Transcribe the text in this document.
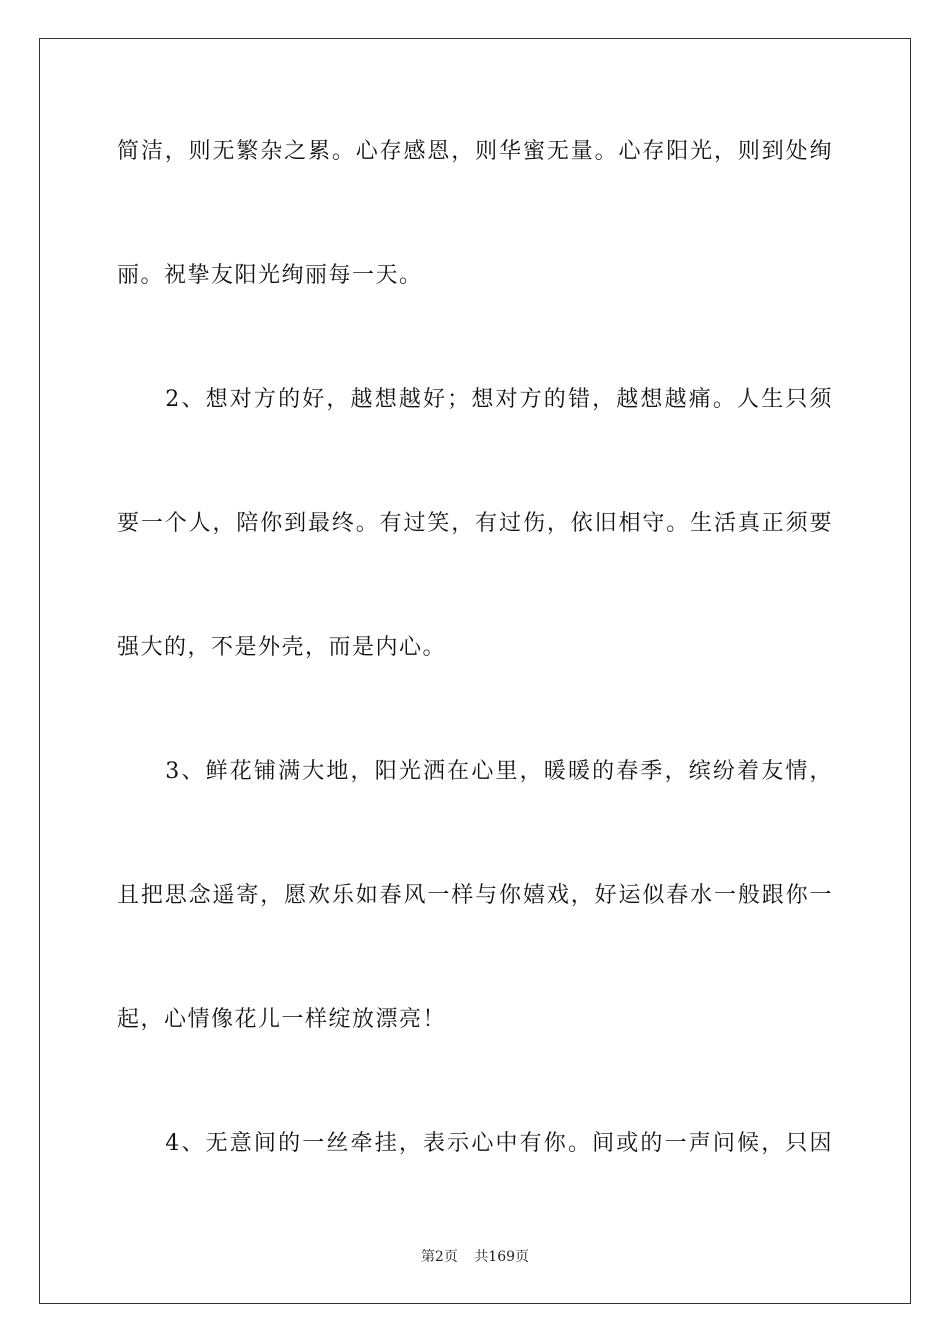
简洁，则无繁杂之累。心存感恩，则华蜜无量。心存阳光，则到处绚
丽。祝挚友阳光绚丽每一天。
　　2、想对方的好，越想越好；想对方的错，越想越痛。人生只须
要一个人，陪你到最终。有过笑，有过伤，依旧相守。生活真正须要
强大的，不是外壳，而是内心。
　　3、鲜花铺满大地，阳光洒在心里，暖暖的春季，缤纷着友情，
且把思念遥寄，愿欢乐如春风一样与你嬉戏，好运似春水一般跟你一
起，心情像花儿一样绽放漂亮！
　　4、无意间的一丝牵挂，表示心中有你。间或的一声问候，只因
第2页 共169页
